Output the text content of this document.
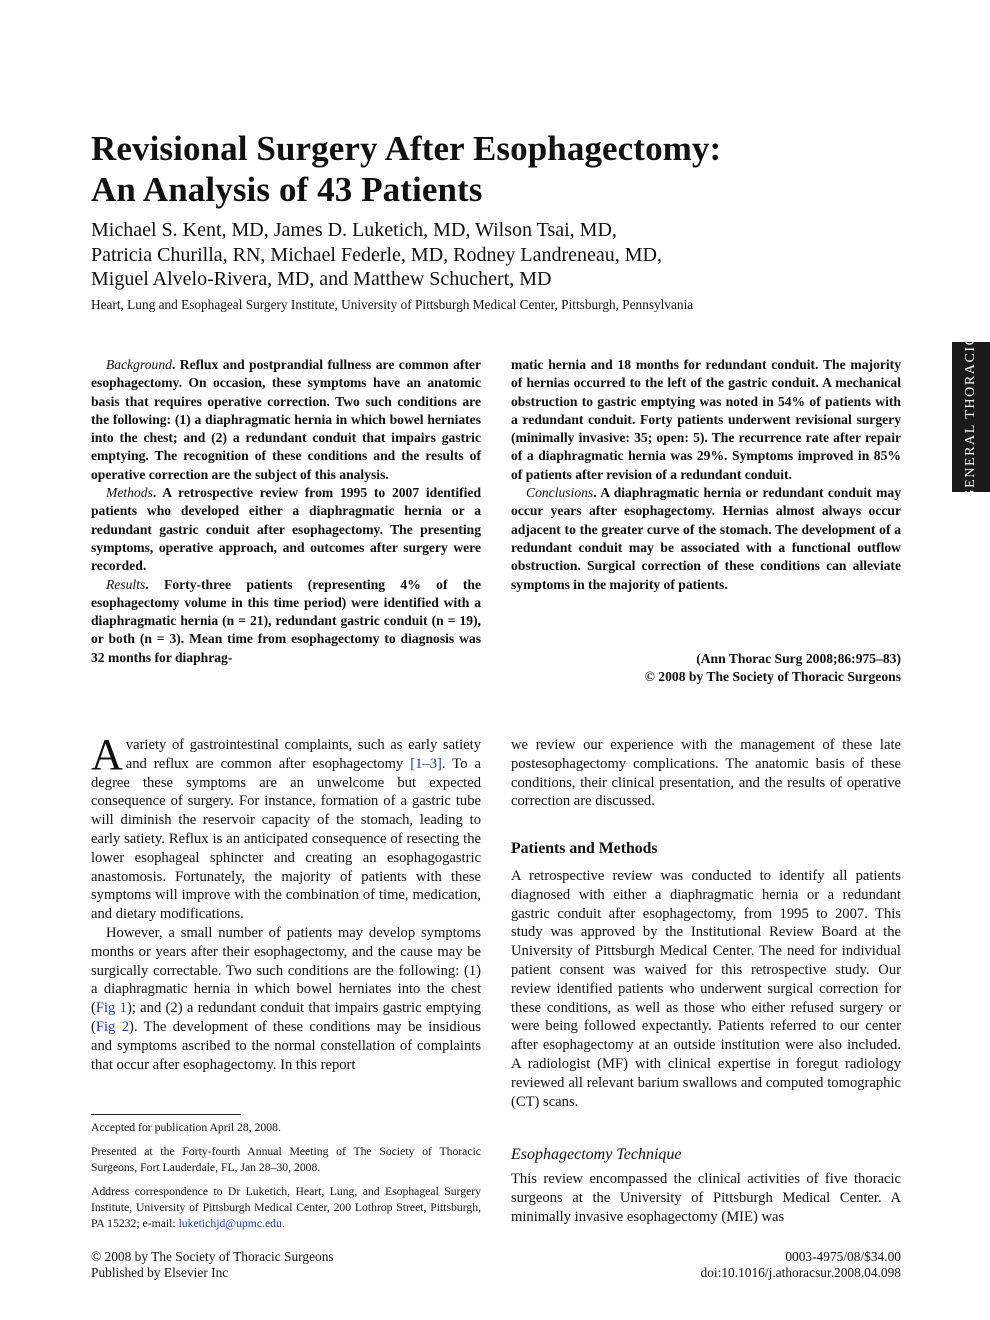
Revisional Surgery After Esophagectomy:
An Analysis of 43 Patients
Michael S. Kent, MD, James D. Luketich, MD, Wilson Tsai, MD,
Patricia Churilla, RN, Michael Federle, MD, Rodney Landreneau, MD,
Miguel Alvelo-Rivera, MD, and Matthew Schuchert, MD
Heart, Lung and Esophageal Surgery Institute, University of Pittsburgh Medical Center, Pittsburgh, Pennsylvania
GENERAL THORACIC

Background. Reflux and postprandial fullness are common after esophagectomy. On occasion, these symptoms have an anatomic basis that requires operative correction. Two such conditions are the following: (1) a diaphragmatic hernia in which bowel herniates into the chest; and (2) a redundant conduit that impairs gastric emptying. The recognition of these conditions and the results of operative correction are the subject of this analysis.

Methods. A retrospective review from 1995 to 2007 identified patients who developed either a diaphragmatic hernia or a redundant gastric conduit after esophagectomy. The presenting symptoms, operative approach, and outcomes after surgery were recorded.

Results. Forty-three patients (representing 4% of the esophagectomy volume in this time period) were identified with a diaphragmatic hernia (n = 21), redundant gastric conduit (n = 19), or both (n = 3). Mean time from esophagectomy to diagnosis was 32 months for diaphrag-

matic hernia and 18 months for redundant conduit. The majority of hernias occurred to the left of the gastric conduit. A mechanical obstruction to gastric emptying was noted in 54% of patients with a redundant conduit. Forty patients underwent revisional surgery (minimally invasive: 35; open: 5). The recurrence rate after repair of a diaphragmatic hernia was 29%. Symptoms improved in 85% of patients after revision of a redundant conduit.

Conclusions. A diaphragmatic hernia or redundant conduit may occur years after esophagectomy. Hernias almost always occur adjacent to the greater curve of the stomach. The development of a redundant conduit may be associated with a functional outflow obstruction. Surgical correction of these conditions can alleviate symptoms in the majority of patients.

(Ann Thorac Surg 2008;86:975–83)
© 2008 by The Society of Thoracic Surgeons

A variety of gastrointestinal complaints, such as early satiety and reflux are common after esophagectomy [1–3]. To a degree these symptoms are an unwelcome but expected consequence of surgery. For instance, formation of a gastric tube will diminish the reservoir capacity of the stomach, leading to early satiety. Reflux is an anticipated consequence of resecting the lower esophageal sphincter and creating an esophagogastric anastomosis. Fortunately, the majority of patients with these symptoms will improve with the combination of time, medication, and dietary modifications.

However, a small number of patients may develop symptoms months or years after their esophagectomy, and the cause may be surgically correctable. Two such conditions are the following: (1) a diaphragmatic hernia in which bowel herniates into the chest (Fig 1); and (2) a redundant conduit that impairs gastric emptying (Fig 2). The development of these conditions may be insidious and symptoms ascribed to the normal constellation of complaints that occur after esophagectomy. In this report

we review our experience with the management of these late postesophagectomy complications. The anatomic basis of these conditions, their clinical presentation, and the results of operative correction are discussed.

Patients and Methods

A retrospective review was conducted to identify all patients diagnosed with either a diaphragmatic hernia or a redundant gastric conduit after esophagectomy, from 1995 to 2007. This study was approved by the Institutional Review Board at the University of Pittsburgh Medical Center. The need for individual patient consent was waived for this retrospective study. Our review identified patients who underwent surgical correction for these conditions, as well as those who either refused surgery or were being followed expectantly. Patients referred to our center after esophagectomy at an outside institution were also included. A radiologist (MF) with clinical expertise in foregut radiology reviewed all relevant barium swallows and computed tomographic (CT) scans.

Esophagectomy Technique

This review encompassed the clinical activities of five thoracic surgeons at the University of Pittsburgh Medical Center. A minimally invasive esophagectomy (MIE) was

Accepted for publication April 28, 2008.

Presented at the Forty-fourth Annual Meeting of The Society of Thoracic Surgeons, Fort Lauderdale, FL, Jan 28–30, 2008.

Address correspondence to Dr Luketich, Heart, Lung, and Esophageal Surgery Institute, University of Pittsburgh Medical Center, 200 Lothrop Street, Pittsburgh, PA 15232; e-mail: luketichjd@upmc.edu.

© 2008 by The Society of Thoracic Surgeons
Published by Elsevier Inc
0003-4975/08/$34.00
doi:10.1016/j.athoracsur.2008.04.098
